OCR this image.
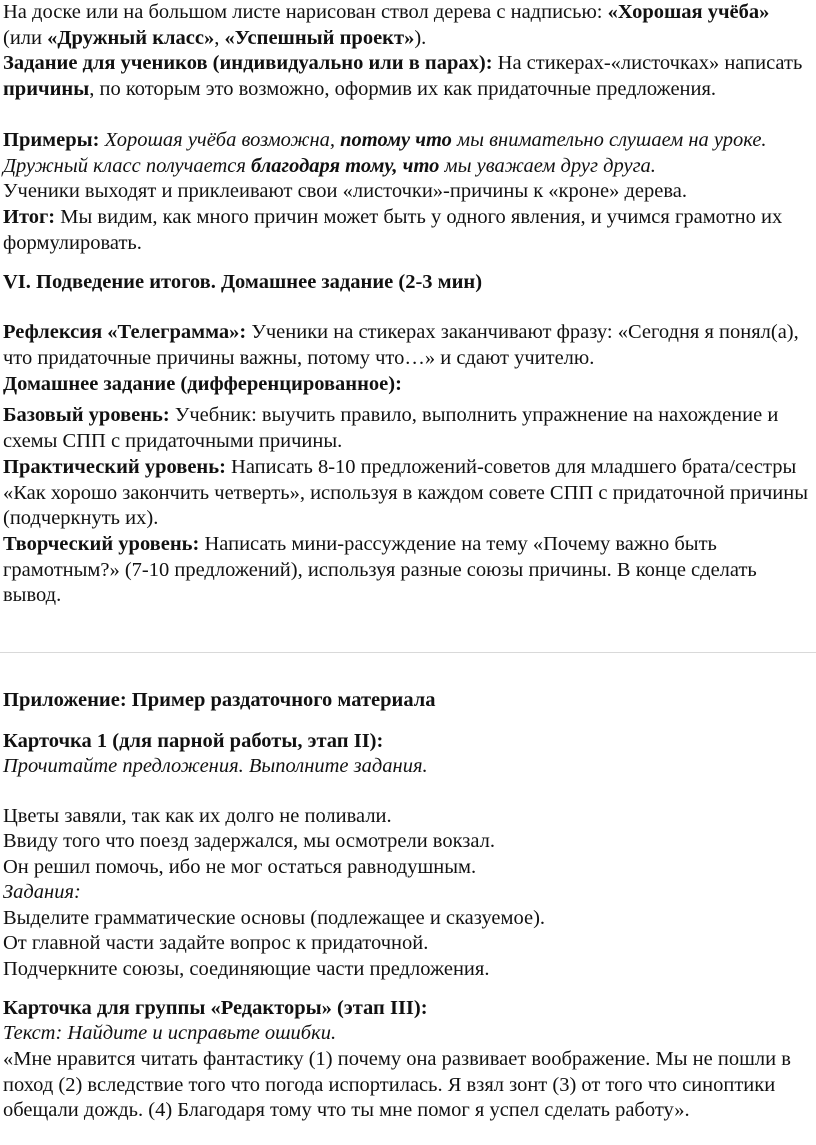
На доске или на большом листе нарисован ствол дерева с надписью: «Хорошая учёба» (или «Дружный класс», «Успешный проект»).

Задание для учеников (индивидуально или в парах): На стикерах-«листочках» написать причины, по которым это возможно, оформив их как придаточные предложения.

Примеры: Хорошая учёба возможна, потому что мы внимательно слушаем на уроке.
Дружный класс получается благодаря тому, что мы уважаем друг друга.

Ученики выходят и приклеивают свои «листочки»-причины к «кроне» дерева.

Итог: Мы видим, как много причин может быть у одного явления, и учимся грамотно их формулировать.

VI. Подведение итогов. Домашнее задание (2-3 мин)

Рефлексия «Телеграмма»: Ученики на стикерах заканчивают фразу: «Сегодня я понял(а), что придаточные причины важны, потому что…» и сдают учителю.

Домашнее задание (дифференцированное):

Базовый уровень: Учебник: выучить правило, выполнить упражнение на нахождение и схемы СПП с придаточными причины.

Практический уровень: Написать 8-10 предложений-советов для младшего брата/сестры «Как хорошо закончить четверть», используя в каждом совете СПП с придаточной причины (подчеркнуть их).

Творческий уровень: Написать мини-рассуждение на тему «Почему важно быть грамотным?» (7-10 предложений), используя разные союзы причины. В конце сделать вывод.

Приложение: Пример раздаточного материала

Карточка 1 (для парной работы, этап II):

Прочитайте предложения. Выполните задания.

Цветы завяли, так как их долго не поливали.

Ввиду того что поезд задержался, мы осмотрели вокзал.

Он решил помочь, ибо не мог остаться равнодушным.

Задания:

Выделите грамматические основы (подлежащее и сказуемое).

От главной части задайте вопрос к придаточной.

Подчеркните союзы, соединяющие части предложения.

Карточка для группы «Редакторы» (этап III):

Текст: Найдите и исправьте ошибки.

«Мне нравится читать фантастику (1) почему она развивает воображение. Мы не пошли в поход (2) вследствие того что погода испортилась. Я взял зонт (3) от того что синоптики обещали дождь. (4) Благодаря тому что ты мне помог я успел сделать работу».
